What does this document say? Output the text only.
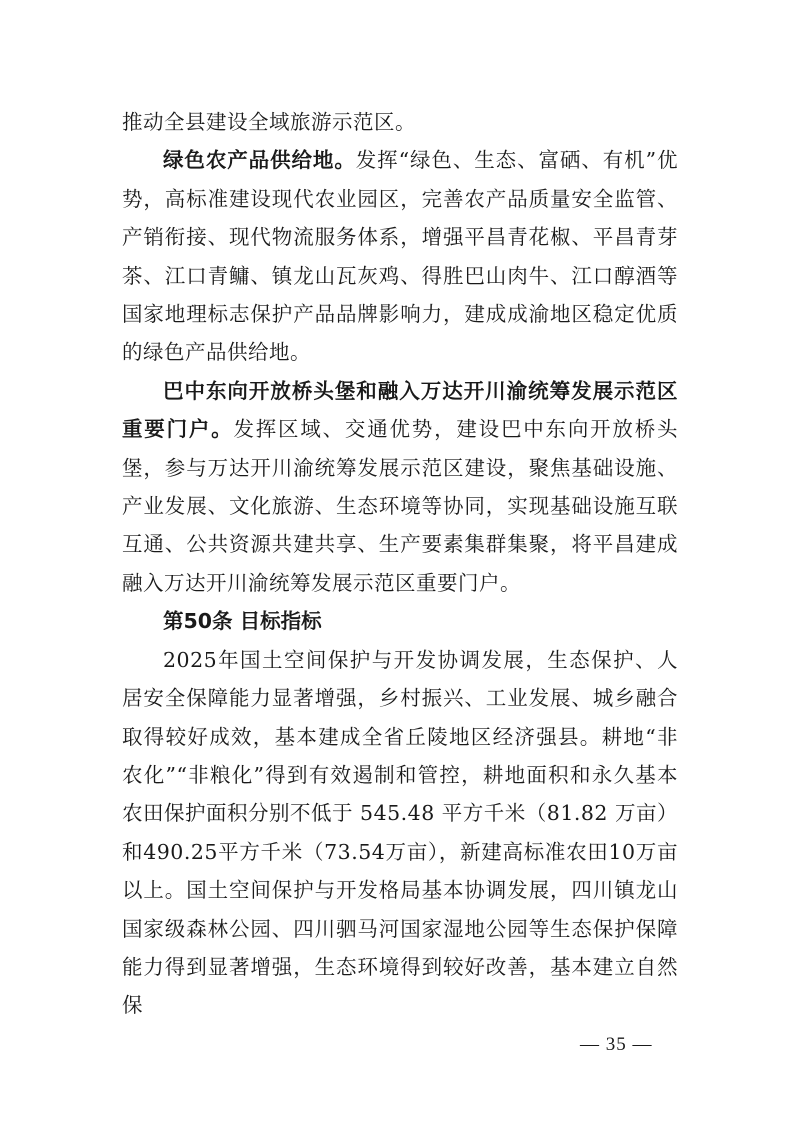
推动全县建设全域旅游示范区。

绿色农产品供给地。发挥“绿色、生态、富硒、有机”优势，高标准建设现代农业园区，完善农产品质量安全监管、产销衔接、现代物流服务体系，增强平昌青花椒、平昌青芽茶、江口青鳙、镇龙山瓦灰鸡、得胜巴山肉牛、江口醇酒等国家地理标志保护产品品牌影响力，建成成渝地区稳定优质的绿色产品供给地。

巴中东向开放桥头堡和融入万达开川渝统筹发展示范区重要门户。发挥区域、交通优势，建设巴中东向开放桥头堡，参与万达开川渝统筹发展示范区建设，聚焦基础设施、产业发展、文化旅游、生态环境等协同，实现基础设施互联互通、公共资源共建共享、生产要素集群集聚，将平昌建成融入万达开川渝统筹发展示范区重要门户。

第50条 目标指标

2025年国土空间保护与开发协调发展，生态保护、人居安全保障能力显著增强，乡村振兴、工业发展、城乡融合取得较好成效，基本建成全省丘陵地区经济强县。耕地“非农化”“非粮化”得到有效遏制和管控，耕地面积和永久基本农田保护面积分别不低于 545.48 平方千米（81.82 万亩）和490.25平方千米（73.54万亩），新建高标准农田10万亩以上。国土空间保护与开发格局基本协调发展，四川镇龙山国家级森林公园、四川驷马河国家湿地公园等生态保护保障能力得到显著增强，生态环境得到较好改善，基本建立自然保

— 35 —
